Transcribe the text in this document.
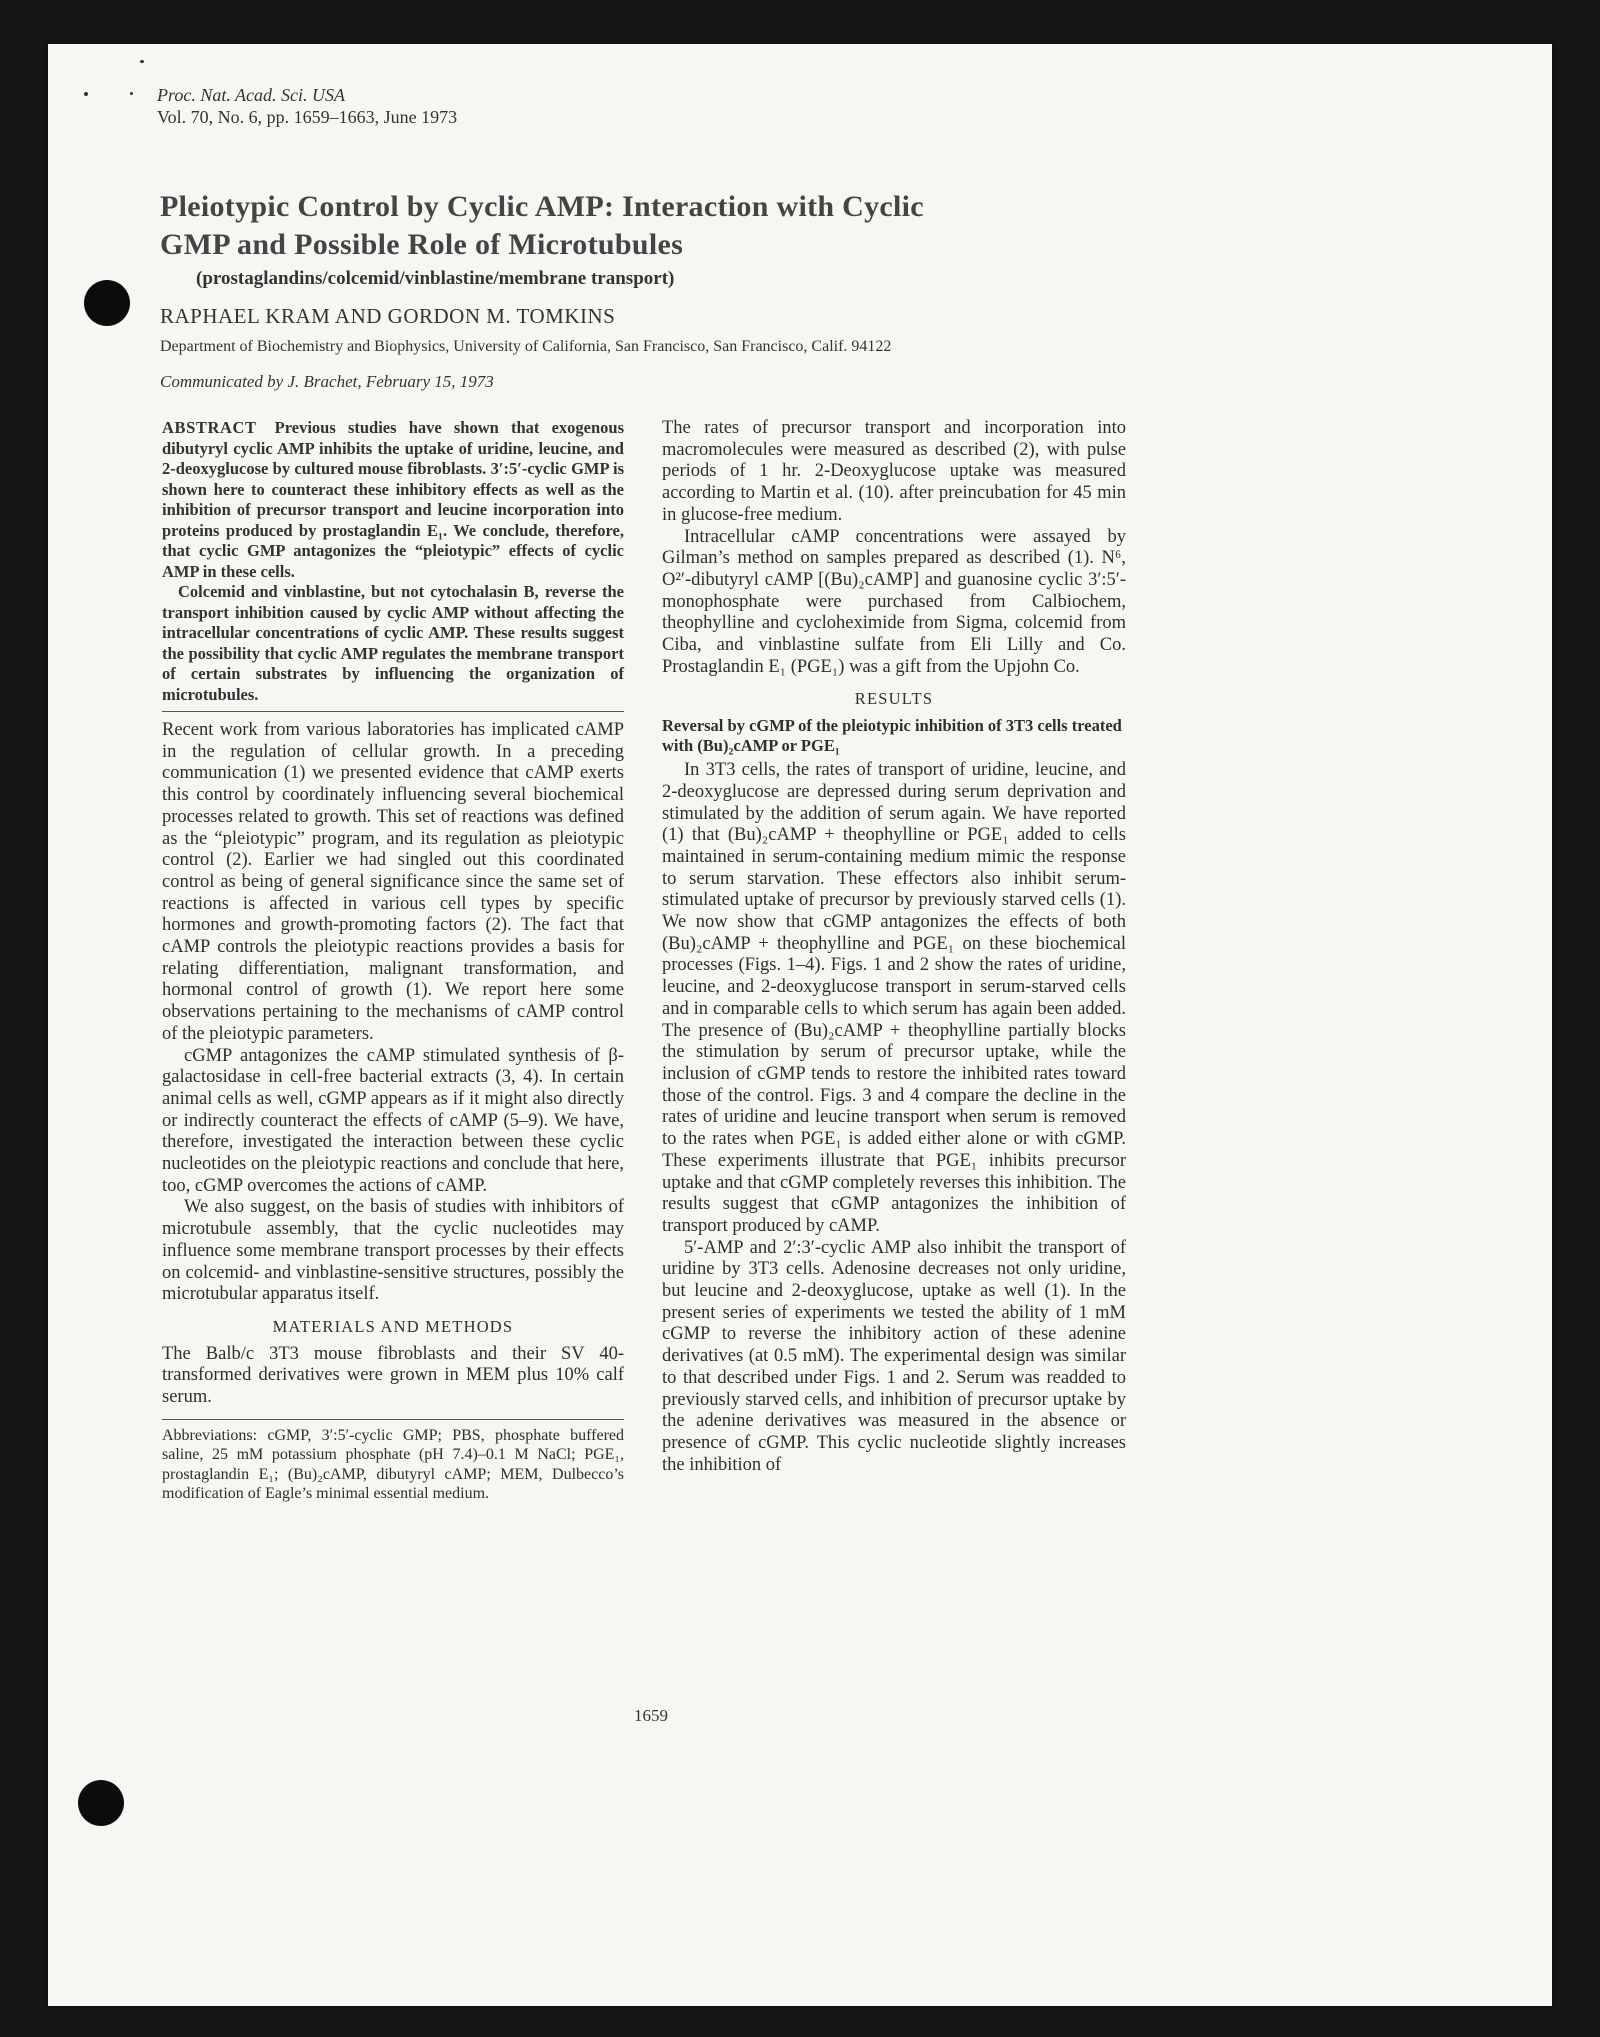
Proc. Nat. Acad. Sci. USA
Vol. 70, No. 6, pp. 1659–1663, June 1973
Pleiotypic Control by Cyclic AMP: Interaction with Cyclic GMP and Possible Role of Microtubules
(prostaglandins/colcemid/vinblastine/membrane transport)
RAPHAEL KRAM AND GORDON M. TOMKINS
Department of Biochemistry and Biophysics, University of California, San Francisco, San Francisco, Calif. 94122
Communicated by J. Brachet, February 15, 1973

ABSTRACT Previous studies have shown that exogenous dibutyryl cyclic AMP inhibits the uptake of uridine, leucine, and 2-deoxyglucose by cultured mouse fibroblasts. 3′:5′-cyclic GMP is shown here to counteract these inhibitory effects as well as the inhibition of precursor transport and leucine incorporation into proteins produced by prostaglandin E₁. We conclude, therefore, that cyclic GMP antagonizes the “pleiotypic” effects of cyclic AMP in these cells.

Colcemid and vinblastine, but not cytochalasin B, reverse the transport inhibition caused by cyclic AMP without affecting the intracellular concentrations of cyclic AMP. These results suggest the possibility that cyclic AMP regulates the membrane transport of certain substrates by influencing the organization of microtubules.

Recent work from various laboratories has implicated cAMP in the regulation of cellular growth. In a preceding communication (1) we presented evidence that cAMP exerts this control by coordinately influencing several biochemical processes related to growth. This set of reactions was defined as the “pleiotypic” program, and its regulation as pleiotypic control (2). Earlier we had singled out this coordinated control as being of general significance since the same set of reactions is affected in various cell types by specific hormones and growth-promoting factors (2). The fact that cAMP controls the pleiotypic reactions provides a basis for relating differentiation, malignant transformation, and hormonal control of growth (1). We report here some observations pertaining to the mechanisms of cAMP control of the pleiotypic parameters.

cGMP antagonizes the cAMP stimulated synthesis of β-galactosidase in cell-free bacterial extracts (3, 4). In certain animal cells as well, cGMP appears as if it might also directly or indirectly counteract the effects of cAMP (5–9). We have, therefore, investigated the interaction between these cyclic nucleotides on the pleiotypic reactions and conclude that here, too, cGMP overcomes the actions of cAMP.

We also suggest, on the basis of studies with inhibitors of microtubule assembly, that the cyclic nucleotides may influence some membrane transport processes by their effects on colcemid- and vinblastine-sensitive structures, possibly the microtubular apparatus itself.

MATERIALS AND METHODS

The Balb/c 3T3 mouse fibroblasts and their SV 40-transformed derivatives were grown in MEM plus 10% calf serum.

Abbreviations: cGMP, 3′:5′-cyclic GMP; PBS, phosphate buffered saline, 25 mM potassium phosphate (pH 7.4)–0.1 M NaCl; PGE₁, prostaglandin E₁; (Bu)₂cAMP, dibutyryl cAMP; MEM, Dulbecco’s modification of Eagle’s minimal essential medium.

The rates of precursor transport and incorporation into macromolecules were measured as described (2), with pulse periods of 1 hr. 2-Deoxyglucose uptake was measured according to Martin et al. (10). after preincubation for 45 min in glucose-free medium.

Intracellular cAMP concentrations were assayed by Gilman’s method on samples prepared as described (1). N⁶, O²′-dibutyryl cAMP [(Bu)₂cAMP] and guanosine cyclic 3′:5′-monophosphate were purchased from Calbiochem, theophylline and cycloheximide from Sigma, colcemid from Ciba, and vinblastine sulfate from Eli Lilly and Co. Prostaglandin E₁ (PGE₁) was a gift from the Upjohn Co.

RESULTS
Reversal by cGMP of the pleiotypic inhibition of 3T3 cells treated with (Bu)₂cAMP or PGE₁

In 3T3 cells, the rates of transport of uridine, leucine, and 2-deoxyglucose are depressed during serum deprivation and stimulated by the addition of serum again. We have reported (1) that (Bu)₂cAMP + theophylline or PGE₁ added to cells maintained in serum-containing medium mimic the response to serum starvation. These effectors also inhibit serum-stimulated uptake of precursor by previously starved cells (1). We now show that cGMP antagonizes the effects of both (Bu)₂cAMP + theophylline and PGE₁ on these biochemical processes (Figs. 1–4). Figs. 1 and 2 show the rates of uridine, leucine, and 2-deoxyglucose transport in serum-starved cells and in comparable cells to which serum has again been added. The presence of (Bu)₂cAMP + theophylline partially blocks the stimulation by serum of precursor uptake, while the inclusion of cGMP tends to restore the inhibited rates toward those of the control. Figs. 3 and 4 compare the decline in the rates of uridine and leucine transport when serum is removed to the rates when PGE₁ is added either alone or with cGMP. These experiments illustrate that PGE₁ inhibits precursor uptake and that cGMP completely reverses this inhibition. The results suggest that cGMP antagonizes the inhibition of transport produced by cAMP.

5′-AMP and 2′:3′-cyclic AMP also inhibit the transport of uridine by 3T3 cells. Adenosine decreases not only uridine, but leucine and 2-deoxyglucose, uptake as well (1). In the present series of experiments we tested the ability of 1 mM cGMP to reverse the inhibitory action of these adenine derivatives (at 0.5 mM). The experimental design was similar to that described under Figs. 1 and 2. Serum was readded to previously starved cells, and inhibition of precursor uptake by the adenine derivatives was measured in the absence or presence of cGMP. This cyclic nucleotide slightly increases the inhibition of

1659
